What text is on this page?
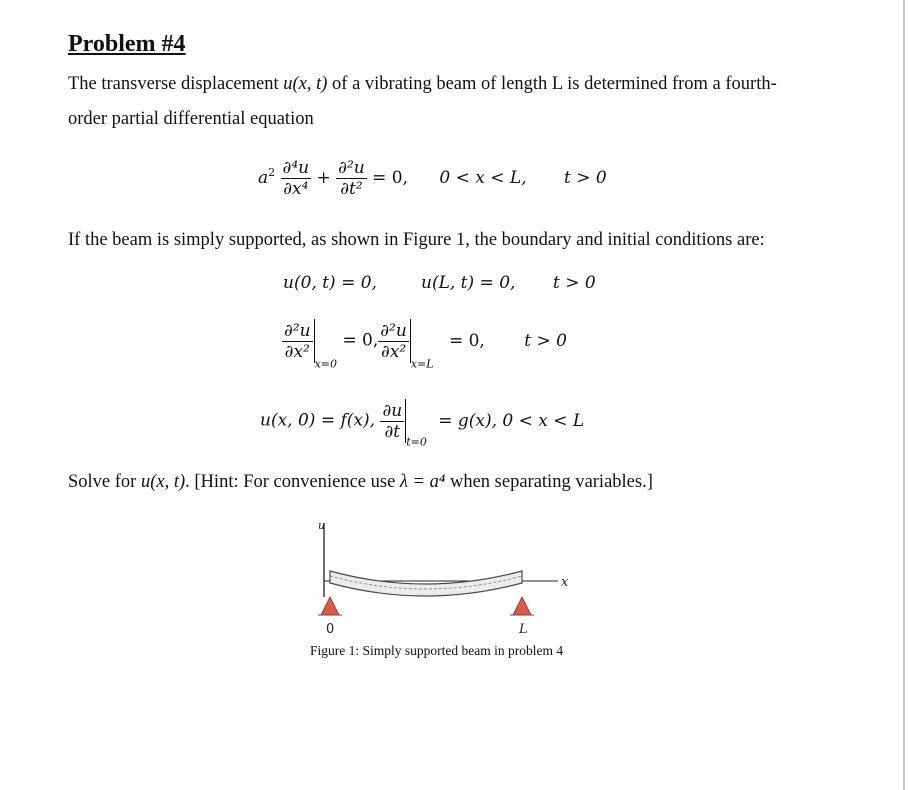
Problem #4
The transverse displacement u(x, t) of a vibrating beam of length L is determined from a fourth-
order partial differential equation
$a^2 \frac{\text{∂⁴u}}{\text{∂x⁴}} + \frac{\text{∂²u}}{\text{∂t²}} = 0$, 0 < x < L, t > 0
If the beam is simply supported, as shown in Figure 1, the boundary and initial conditions are:
u(0, t) = 0,	u(L, t) = 0, t > 0
$\frac{\text{∂²u}}{\text{∂x²}}$
$_{x=0}$ = 0, $\frac{\text{∂²u}}{\text{∂x²}}$
$_{x=L}$ = 0, t > 0
u(x, 0) = f(x), $\frac{\partial u}{\partial t}$
$_{t=0}$ = g(x), 0 < x < L
Solve for u(x, t). [Hint: For convenience use λ = a⁴ when separating variables.]
u
x
0	L
Figure 1: Simply supported beam in problem 4
